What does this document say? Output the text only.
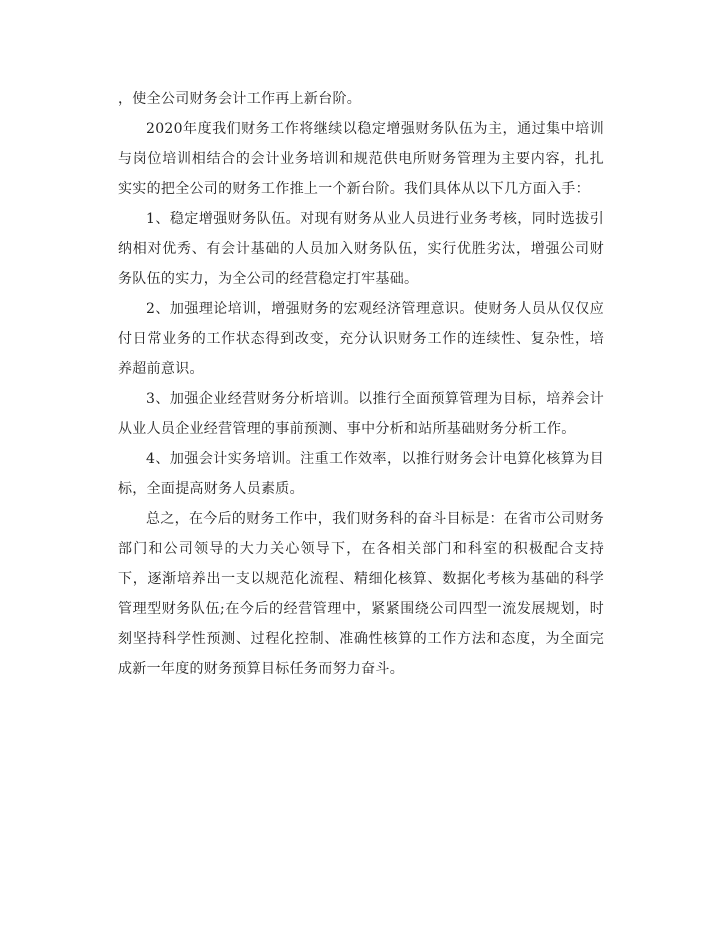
，使全公司财务会计工作再上新台阶。

2020年度我们财务工作将继续以稳定增强财务队伍为主，通过集中培训与岗位培训相结合的会计业务培训和规范供电所财务管理为主要内容，扎扎实实的把全公司的财务工作推上一个新台阶。我们具体从以下几方面入手：

1、稳定增强财务队伍。对现有财务从业人员进行业务考核，同时选拔引纳相对优秀、有会计基础的人员加入财务队伍，实行优胜劣汰，增强公司财务队伍的实力，为全公司的经营稳定打牢基础。

2、加强理论培训，增强财务的宏观经济管理意识。使财务人员从仅仅应付日常业务的工作状态得到改变，充分认识财务工作的连续性、复杂性，培养超前意识。

3、加强企业经营财务分析培训。以推行全面预算管理为目标，培养会计从业人员企业经营管理的事前预测、事中分析和站所基础财务分析工作。

4、加强会计实务培训。注重工作效率，以推行财务会计电算化核算为目标，全面提高财务人员素质。

总之，在今后的财务工作中，我们财务科的奋斗目标是：在省市公司财务部门和公司领导的大力关心领导下，在各相关部门和科室的积极配合支持下，逐渐培养出一支以规范化流程、精细化核算、数据化考核为基础的科学管理型财务队伍;在今后的经营管理中，紧紧围绕公司四型一流发展规划，时刻坚持科学性预测、过程化控制、准确性核算的工作方法和态度，为全面完成新一年度的财务预算目标任务而努力奋斗。
